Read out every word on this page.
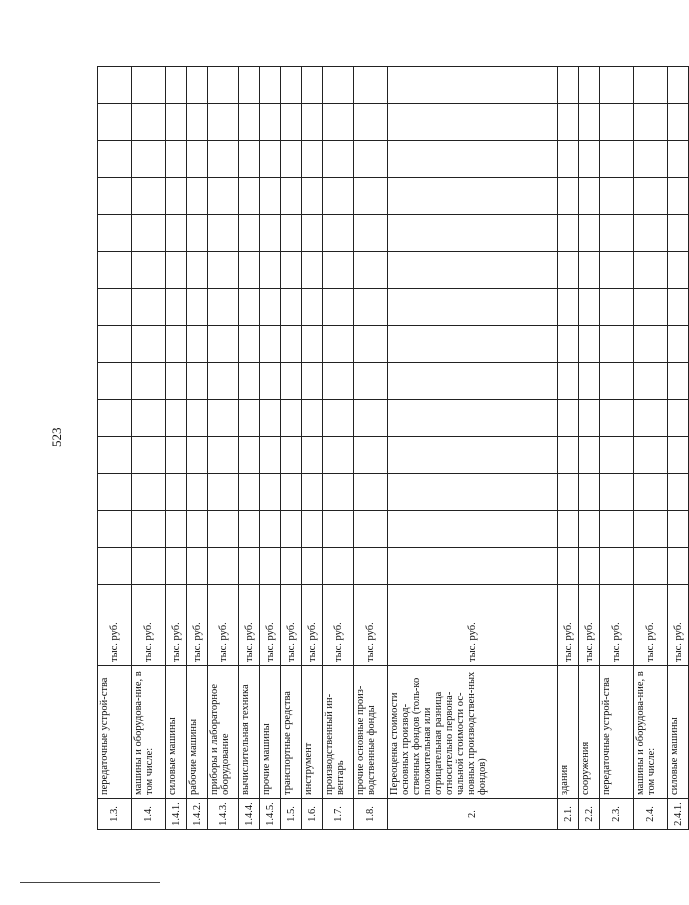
523
1.3.	передаточные устрой-ства	тыс. руб.														
1.4.	машины и оборудова-ние, в том числе:	тыс. руб.														
1.4.1.	силовые машины	тыс. руб.														
1.4.2.	рабочие машины	тыс. руб.														
1.4.3.	приборы и лабораторное оборудование	тыс. руб.														
1.4.4.	вычислительная техника	тыс. руб.														
1.4.5.	прочие машины	тыс. руб.														
1.5.	транспортные средства	тыс. руб.														
1.6.	инструмент	тыс. руб.														
1.7.	производственный ин-вентарь	тыс. руб.														
1.8.	прочие основные произ-водственные фонды	тыс. руб.														
2.	Переоценка стоимости основных производ-ственных фондов (толь-ко положительная или отрицательная разница относительно первона-чальной стоимости ос-новных производствен-ных фондов)	тыс. руб.														
2.1.	здания	тыс. руб.														
2.2.	сооружения	тыс. руб.														
2.3.	передаточные устрой-ства	тыс. руб.														
2.4.	машины и оборудова-ние, в том числе:	тыс. руб.														
2.4.1.	силовые машины	тыс. руб.														
